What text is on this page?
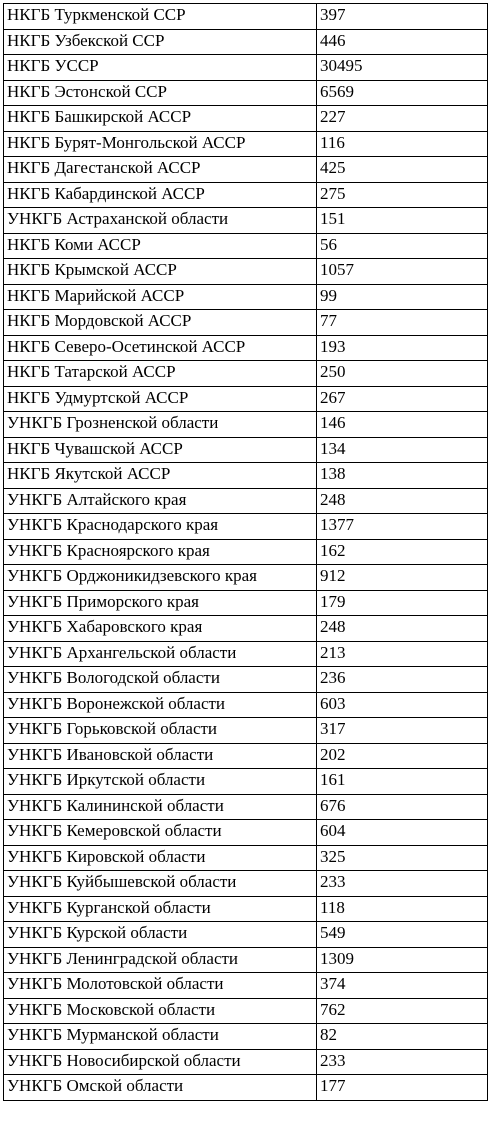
НКГБ Туркменской ССР	397
НКГБ Узбекской ССР	446
НКГБ УССР	30495
НКГБ Эстонской ССР	6569
НКГБ Башкирской АССР	227
НКГБ Бурят-Монгольской АССР	116
НКГБ Дагестанской АССР	425
НКГБ Кабардинской АССР	275
УНКГБ Астраханской области	151
НКГБ Коми АССР	56
НКГБ Крымской АССР	1057
НКГБ Марийской АССР	99
НКГБ Мордовской АССР	77
НКГБ Северо-Осетинской АССР	193
НКГБ Татарской АССР	250
НКГБ Удмуртской АССР	267
УНКГБ Грозненской области	146
НКГБ Чувашской АССР	134
НКГБ Якутской АССР	138
УНКГБ Алтайского края	248
УНКГБ Краснодарского края	1377
УНКГБ Красноярского края	162
УНКГБ Орджоникидзевского края	912
УНКГБ Приморского края	179
УНКГБ Хабаровского края	248
УНКГБ Архангельской области	213
УНКГБ Вологодской области	236
УНКГБ Воронежской области	603
УНКГБ Горьковской области	317
УНКГБ Ивановской области	202
УНКГБ Иркутской области	161
УНКГБ Калининской области	676
УНКГБ Кемеровской области	604
УНКГБ Кировской области	325
УНКГБ Куйбышевской области	233
УНКГБ Курганской области	118
УНКГБ Курской области	549
УНКГБ Ленинградской области	1309
УНКГБ Молотовской области	374
УНКГБ Московской области	762
УНКГБ Мурманской области	82
УНКГБ Новосибирской области	233
УНКГБ Омской области	177
